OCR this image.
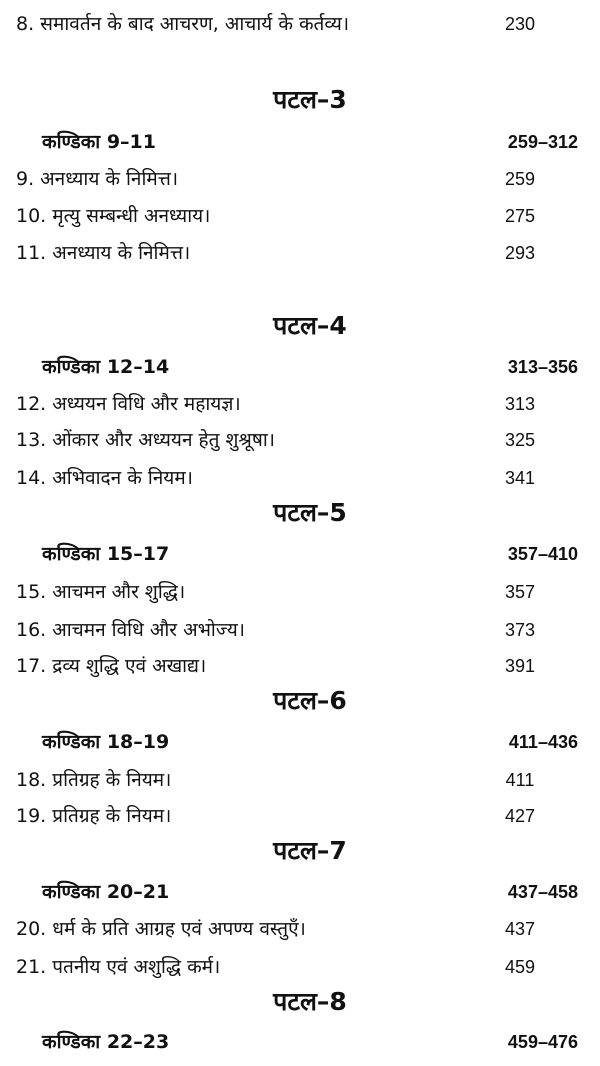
8. समावर्तन के बाद आचरण, आचार्य के कर्तव्य।	230
पटल–3
कण्डिका 9–11	259–312
9. अनध्याय के निमित्त।	259
10. मृत्यु सम्बन्धी अनध्याय।	275
11. अनध्याय के निमित्त।	293
पटल–4
कण्डिका 12–14	313–356
12. अध्ययन विधि और महायज्ञ।	313
13. ओंकार और अध्ययन हेतु शुश्रूषा।	325
14. अभिवादन के नियम।	341
पटल–5
कण्डिका 15–17	357–410
15. आचमन और शुद्धि।	357
16. आचमन विधि और अभोज्य।	373
17. द्रव्य शुद्धि एवं अखाद्य।	391
पटल–6
कण्डिका 18–19	411–436
18. प्रतिग्रह के नियम।	411
19. प्रतिग्रह के नियम।	427
पटल–7
कण्डिका 20–21	437–458
20. धर्म के प्रति आग्रह एवं अपण्य वस्तुएँ।	437
21. पतनीय एवं अशुद्धि कर्म।	459
पटल–8
कण्डिका 22–23	459–476
